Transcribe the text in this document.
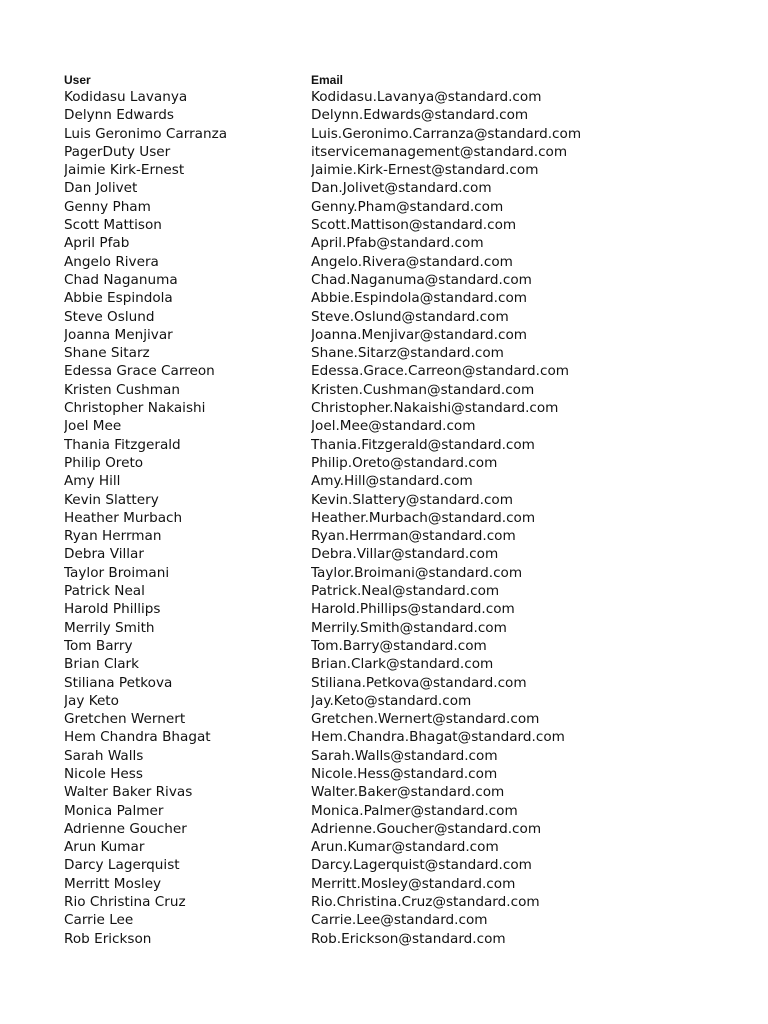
User	Email
Kodidasu Lavanya	Kodidasu.Lavanya@standard.com
Delynn Edwards	Delynn.Edwards@standard.com
Luis Geronimo Carranza	Luis.Geronimo.Carranza@standard.com
PagerDuty User	itservicemanagement@standard.com
Jaimie Kirk-Ernest	Jaimie.Kirk-Ernest@standard.com
Dan Jolivet	Dan.Jolivet@standard.com
Genny Pham	Genny.Pham@standard.com
Scott Mattison	Scott.Mattison@standard.com
April Pfab	April.Pfab@standard.com
Angelo Rivera	Angelo.Rivera@standard.com
Chad Naganuma	Chad.Naganuma@standard.com
Abbie Espindola	Abbie.Espindola@standard.com
Steve Oslund	Steve.Oslund@standard.com
Joanna Menjivar	Joanna.Menjivar@standard.com
Shane Sitarz	Shane.Sitarz@standard.com
Edessa Grace Carreon	Edessa.Grace.Carreon@standard.com
Kristen Cushman	Kristen.Cushman@standard.com
Christopher Nakaishi	Christopher.Nakaishi@standard.com
Joel Mee	Joel.Mee@standard.com
Thania Fitzgerald	Thania.Fitzgerald@standard.com
Philip Oreto	Philip.Oreto@standard.com
Amy Hill	Amy.Hill@standard.com
Kevin Slattery	Kevin.Slattery@standard.com
Heather Murbach	Heather.Murbach@standard.com
Ryan Herrman	Ryan.Herrman@standard.com
Debra Villar	Debra.Villar@standard.com
Taylor Broimani	Taylor.Broimani@standard.com
Patrick Neal	Patrick.Neal@standard.com
Harold Phillips	Harold.Phillips@standard.com
Merrily Smith	Merrily.Smith@standard.com
Tom Barry	Tom.Barry@standard.com
Brian Clark	Brian.Clark@standard.com
Stiliana Petkova	Stiliana.Petkova@standard.com
Jay Keto	Jay.Keto@standard.com
Gretchen Wernert	Gretchen.Wernert@standard.com
Hem Chandra Bhagat	Hem.Chandra.Bhagat@standard.com
Sarah Walls	Sarah.Walls@standard.com
Nicole Hess	Nicole.Hess@standard.com
Walter Baker Rivas	Walter.Baker@standard.com
Monica Palmer	Monica.Palmer@standard.com
Adrienne Goucher	Adrienne.Goucher@standard.com
Arun Kumar	Arun.Kumar@standard.com
Darcy Lagerquist	Darcy.Lagerquist@standard.com
Merritt Mosley	Merritt.Mosley@standard.com
Rio Christina Cruz	Rio.Christina.Cruz@standard.com
Carrie Lee	Carrie.Lee@standard.com
Rob Erickson	Rob.Erickson@standard.com
